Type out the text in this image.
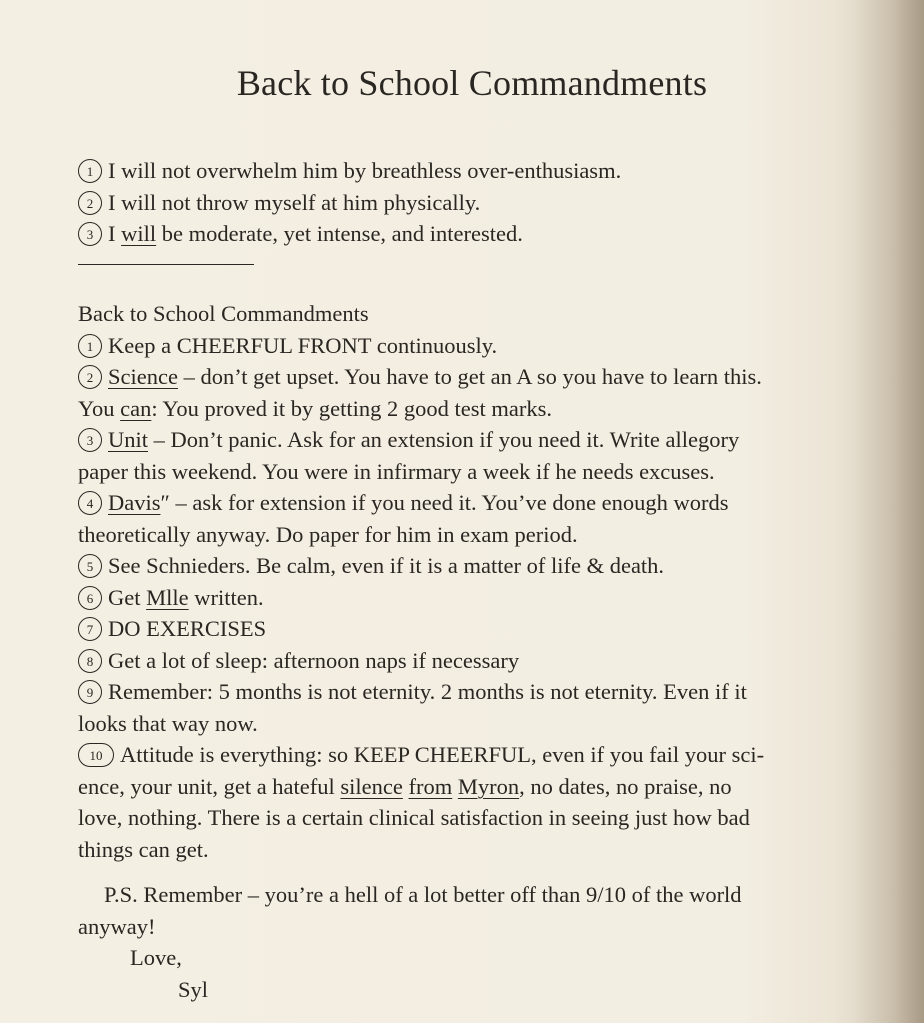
Back to School Commandments
1 I will not overwhelm him by breathless over-enthusiasm.
2 I will not throw myself at him physically.
3 I will be moderate, yet intense, and interested.
Back to School Commandments
1 Keep a CHEERFUL FRONT continuously.
2 Science – don’t get upset. You have to get an A so you have to learn this.
You can: You proved it by getting 2 good test marks.
3 Unit – Don’t panic. Ask for an extension if you need it. Write allegory
paper this weekend. You were in infirmary a week if he needs excuses.
4 Davis″ – ask for extension if you need it. You’ve done enough words
theoretically anyway. Do paper for him in exam period.
5 See Schnieders. Be calm, even if it is a matter of life & death.
6 Get Mlle written.
7 DO EXERCISES
8 Get a lot of sleep: afternoon naps if necessary
9 Remember: 5 months is not eternity. 2 months is not eternity. Even if it
looks that way now.
10 Attitude is everything: so KEEP CHEERFUL, even if you fail your sci-
ence, your unit, get a hateful silence from Myron, no dates, no praise, no
love, nothing. There is a certain clinical satisfaction in seeing just how bad
things can get.
P.S. Remember – you’re a hell of a lot better off than 9/10 of the world
anyway!
Love,
Syl
